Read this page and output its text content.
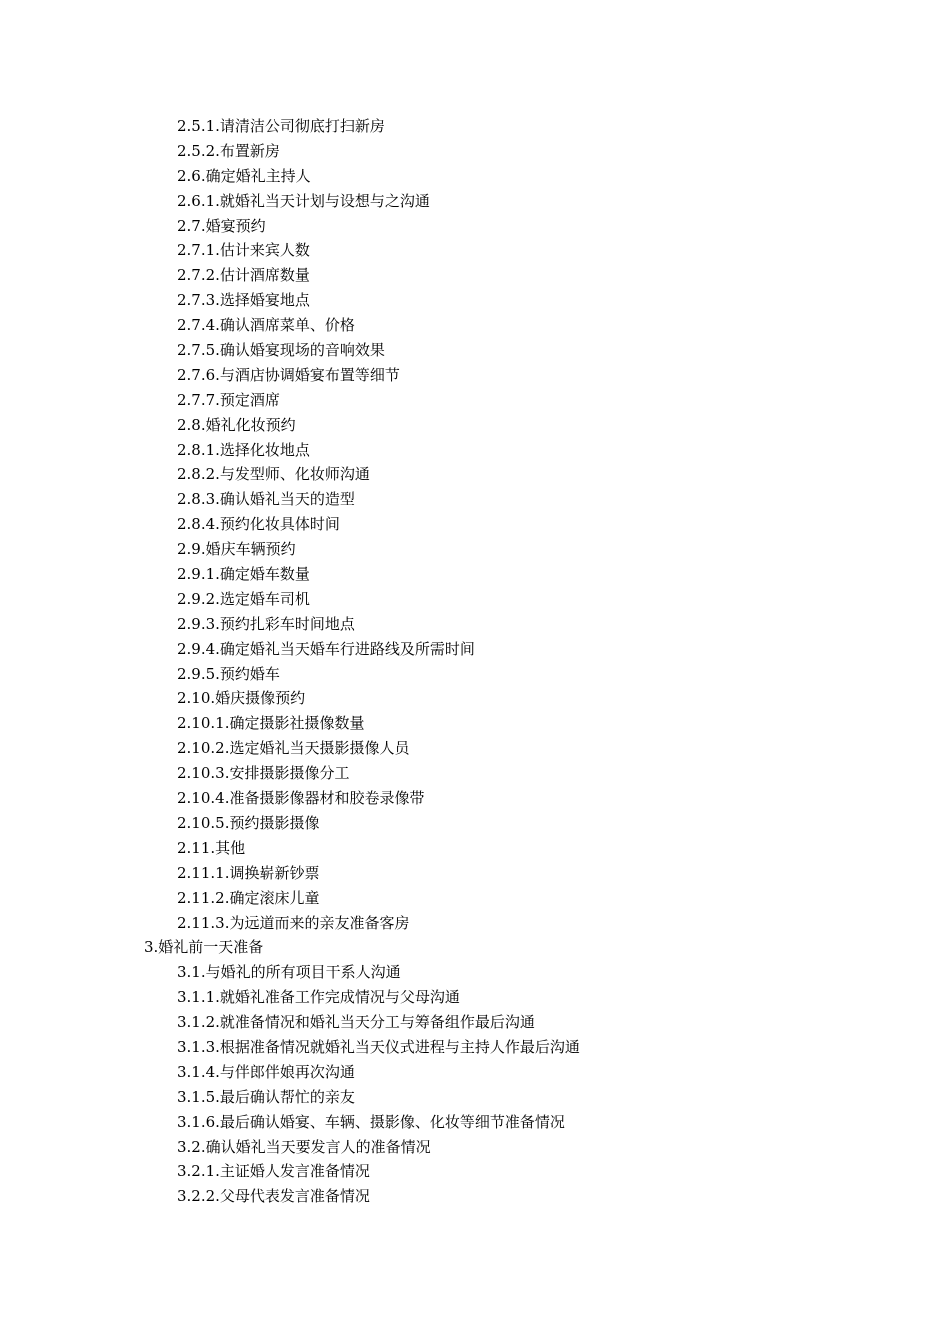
2.5.1.请清洁公司彻底打扫新房
2.5.2.布置新房
2.6.确定婚礼主持人
2.6.1.就婚礼当天计划与设想与之沟通
2.7.婚宴预约
2.7.1.估计来宾人数
2.7.2.估计酒席数量
2.7.3.选择婚宴地点
2.7.4.确认酒席菜单、价格
2.7.5.确认婚宴现场的音响效果
2.7.6.与酒店协调婚宴布置等细节
2.7.7.预定酒席
2.8.婚礼化妆预约
2.8.1.选择化妆地点
2.8.2.与发型师、化妆师沟通
2.8.3.确认婚礼当天的造型
2.8.4.预约化妆具体时间
2.9.婚庆车辆预约
2.9.1.确定婚车数量
2.9.2.选定婚车司机
2.9.3.预约扎彩车时间地点
2.9.4.确定婚礼当天婚车行进路线及所需时间
2.9.5.预约婚车
2.10.婚庆摄像预约
2.10.1.确定摄影社摄像数量
2.10.2.选定婚礼当天摄影摄像人员
2.10.3.安排摄影摄像分工
2.10.4.准备摄影像器材和胶卷录像带
2.10.5.预约摄影摄像
2.11.其他
2.11.1.调换崭新钞票
2.11.2.确定滚床儿童
2.11.3.为远道而来的亲友准备客房
3.婚礼前一天准备
3.1.与婚礼的所有项目干系人沟通
3.1.1.就婚礼准备工作完成情况与父母沟通
3.1.2.就准备情况和婚礼当天分工与筹备组作最后沟通
3.1.3.根据准备情况就婚礼当天仪式进程与主持人作最后沟通
3.1.4.与伴郎伴娘再次沟通
3.1.5.最后确认帮忙的亲友
3.1.6.最后确认婚宴、车辆、摄影像、化妆等细节准备情况
3.2.确认婚礼当天要发言人的准备情况
3.2.1.主证婚人发言准备情况
3.2.2.父母代表发言准备情况
